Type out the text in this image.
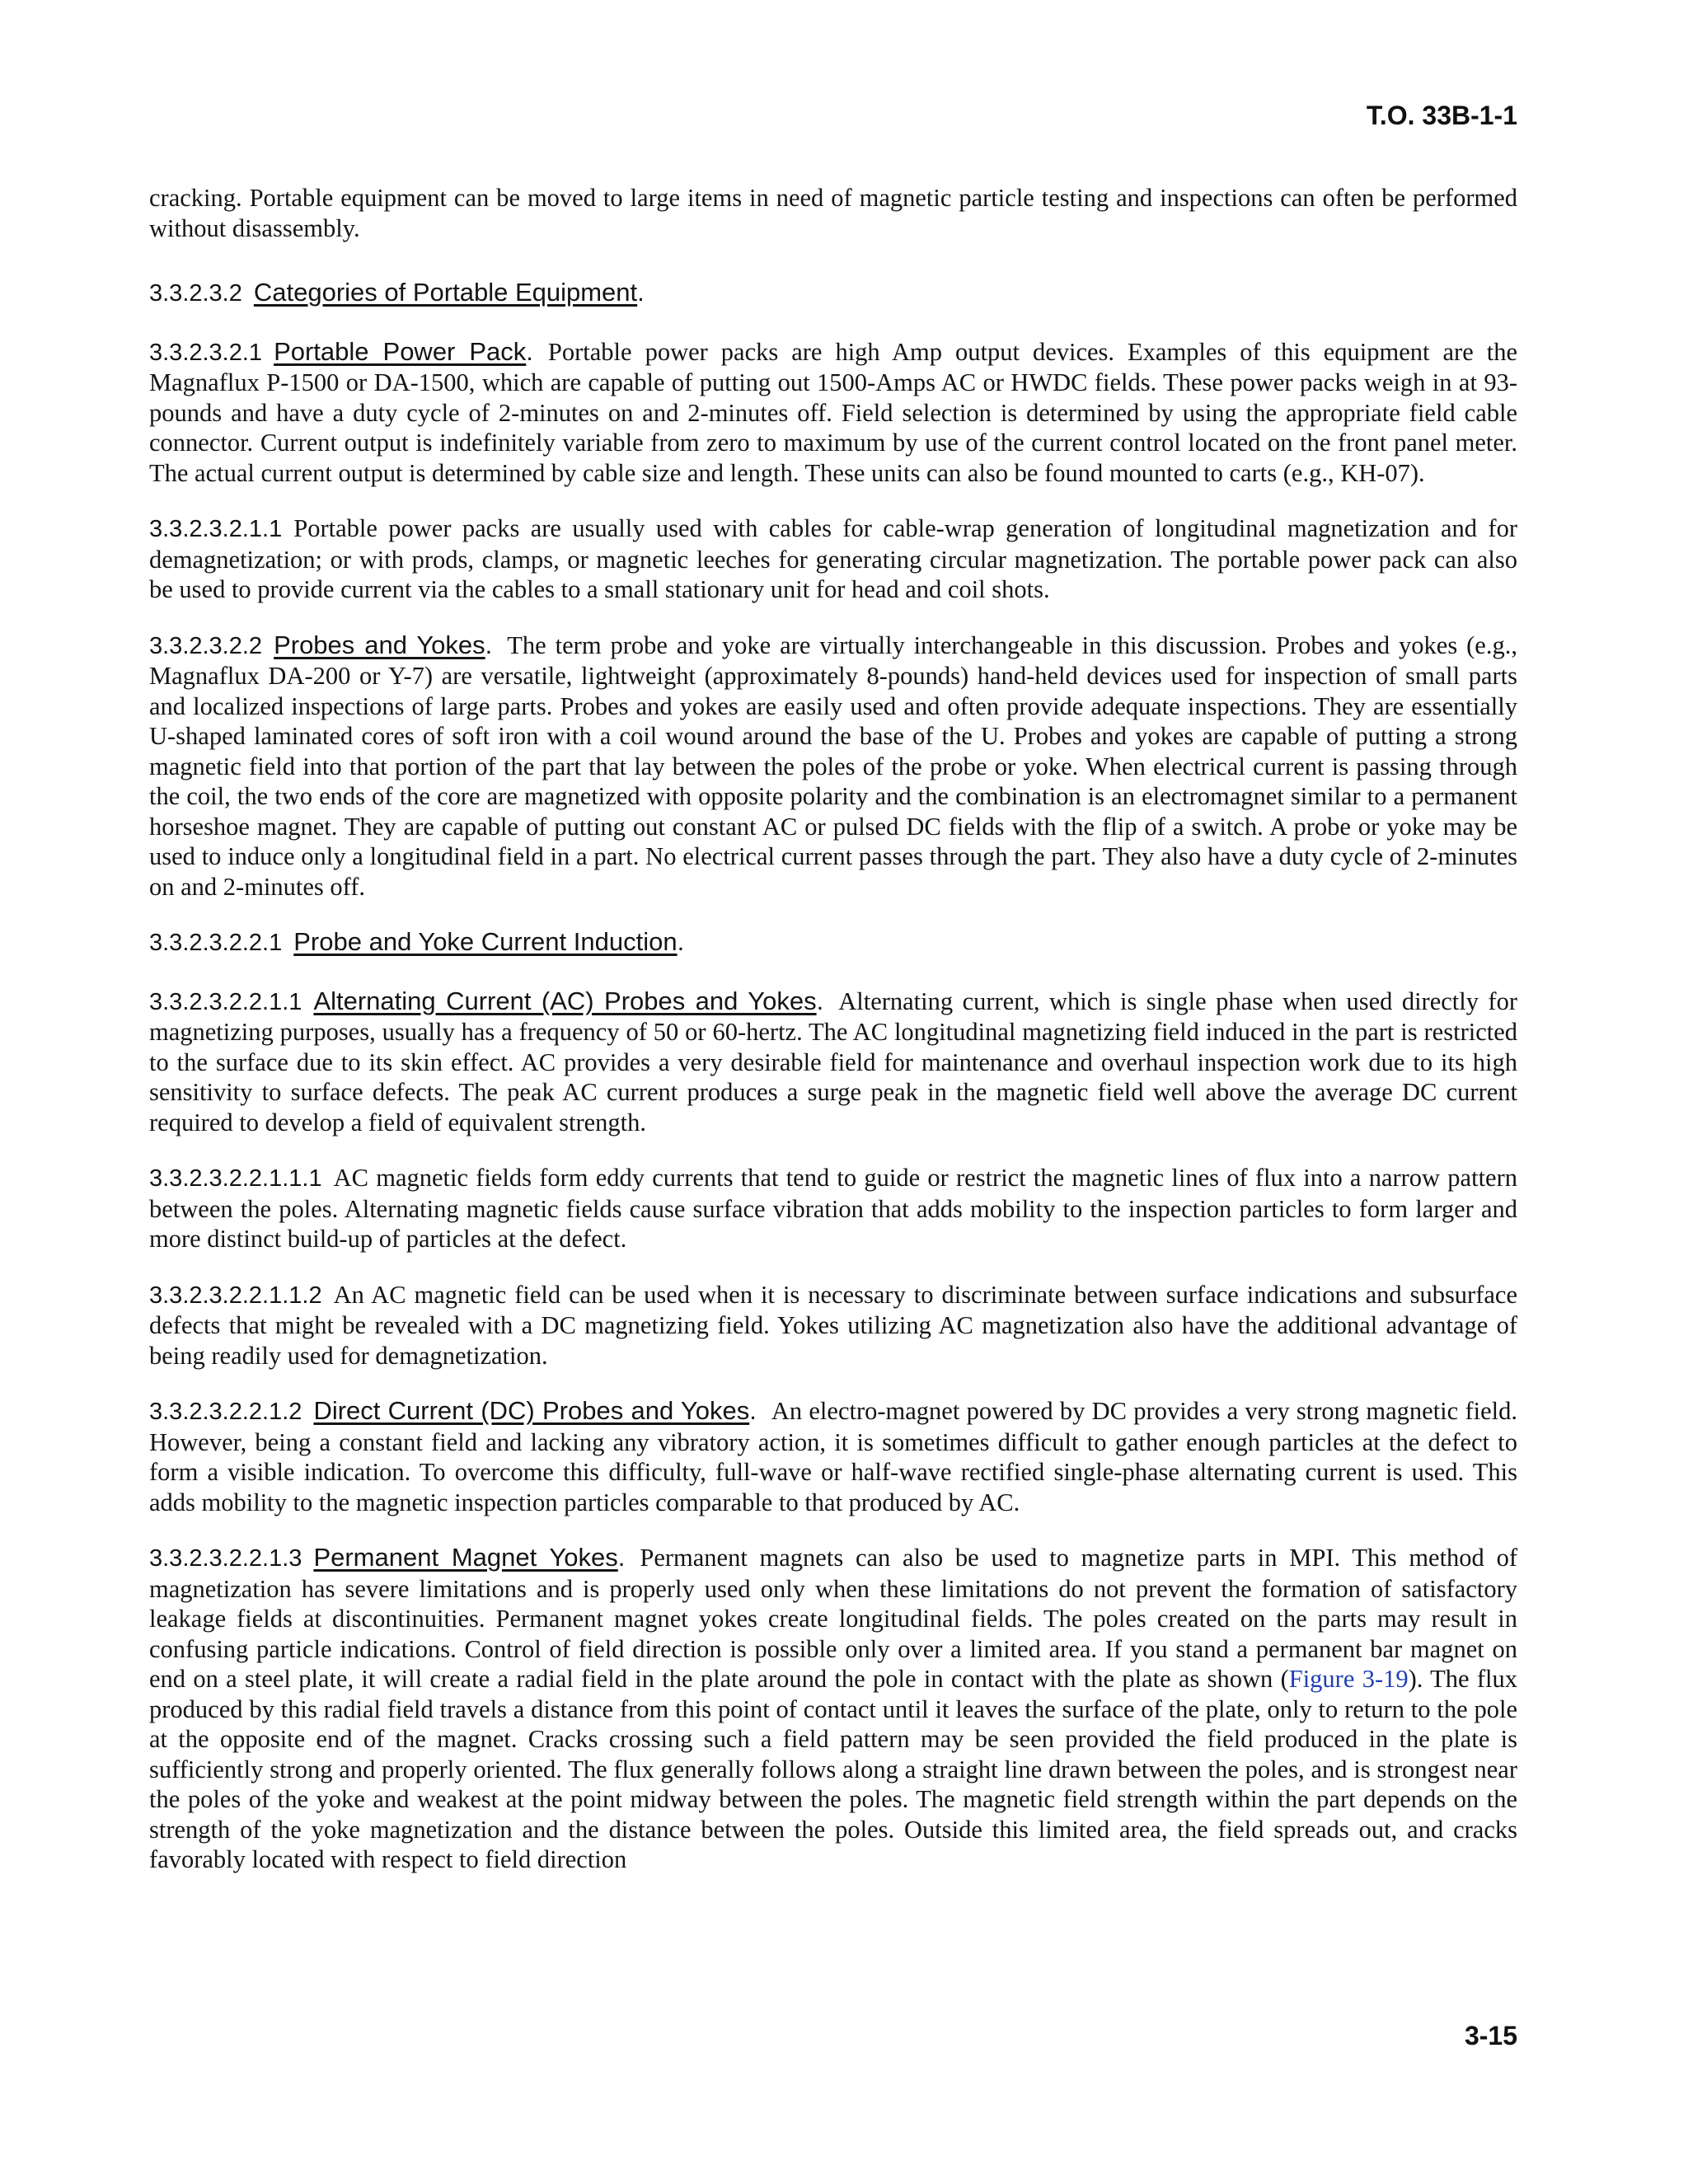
T.O. 33B-1-1

cracking. Portable equipment can be moved to large items in need of magnetic particle testing and inspections can often be performed without disassembly.

3.3.2.3.2 Categories of Portable Equipment.

3.3.2.3.2.1 Portable Power Pack. Portable power packs are high Amp output devices. Examples of this equipment are the Magnaflux P-1500 or DA-1500, which are capable of putting out 1500-Amps AC or HWDC fields. These power packs weigh in at 93-pounds and have a duty cycle of 2-minutes on and 2-minutes off. Field selection is determined by using the appropriate field cable connector. Current output is indefinitely variable from zero to maximum by use of the current control located on the front panel meter. The actual current output is determined by cable size and length. These units can also be found mounted to carts (e.g., KH-07).

3.3.2.3.2.1.1 Portable power packs are usually used with cables for cable-wrap generation of longitudinal magnetization and for demagnetization; or with prods, clamps, or magnetic leeches for generating circular magnetization. The portable power pack can also be used to provide current via the cables to a small stationary unit for head and coil shots.

3.3.2.3.2.2 Probes and Yokes. The term probe and yoke are virtually interchangeable in this discussion. Probes and yokes (e.g., Magnaflux DA-200 or Y-7) are versatile, lightweight (approximately 8-pounds) hand-held devices used for inspection of small parts and localized inspections of large parts. Probes and yokes are easily used and often provide adequate inspections. They are essentially U-shaped laminated cores of soft iron with a coil wound around the base of the U. Probes and yokes are capable of putting a strong magnetic field into that portion of the part that lay between the poles of the probe or yoke. When electrical current is passing through the coil, the two ends of the core are magnetized with opposite polarity and the combination is an electromagnet similar to a permanent horseshoe magnet. They are capable of putting out constant AC or pulsed DC fields with the flip of a switch. A probe or yoke may be used to induce only a longitudinal field in a part. No electrical current passes through the part. They also have a duty cycle of 2-minutes on and 2-minutes off.

3.3.2.3.2.2.1 Probe and Yoke Current Induction.

3.3.2.3.2.2.1.1 Alternating Current (AC) Probes and Yokes. Alternating current, which is single phase when used directly for magnetizing purposes, usually has a frequency of 50 or 60-hertz. The AC longitudinal magnetizing field induced in the part is restricted to the surface due to its skin effect. AC provides a very desirable field for maintenance and overhaul inspection work due to its high sensitivity to surface defects. The peak AC current produces a surge peak in the magnetic field well above the average DC current required to develop a field of equivalent strength.

3.3.2.3.2.2.1.1.1 AC magnetic fields form eddy currents that tend to guide or restrict the magnetic lines of flux into a narrow pattern between the poles. Alternating magnetic fields cause surface vibration that adds mobility to the inspection particles to form larger and more distinct build-up of particles at the defect.

3.3.2.3.2.2.1.1.2 An AC magnetic field can be used when it is necessary to discriminate between surface indications and subsurface defects that might be revealed with a DC magnetizing field. Yokes utilizing AC magnetization also have the additional advantage of being readily used for demagnetization.

3.3.2.3.2.2.1.2 Direct Current (DC) Probes and Yokes. An electro-magnet powered by DC provides a very strong magnetic field. However, being a constant field and lacking any vibratory action, it is sometimes difficult to gather enough particles at the defect to form a visible indication. To overcome this difficulty, full-wave or half-wave rectified single-phase alternating current is used. This adds mobility to the magnetic inspection particles comparable to that produced by AC.

3.3.2.3.2.2.1.3 Permanent Magnet Yokes. Permanent magnets can also be used to magnetize parts in MPI. This method of magnetization has severe limitations and is properly used only when these limitations do not prevent the formation of satisfactory leakage fields at discontinuities. Permanent magnet yokes create longitudinal fields. The poles created on the parts may result in confusing particle indications. Control of field direction is possible only over a limited area. If you stand a permanent bar magnet on end on a steel plate, it will create a radial field in the plate around the pole in contact with the plate as shown (Figure 3-19). The flux produced by this radial field travels a distance from this point of contact until it leaves the surface of the plate, only to return to the pole at the opposite end of the magnet. Cracks crossing such a field pattern may be seen provided the field produced in the plate is sufficiently strong and properly oriented. The flux generally follows along a straight line drawn between the poles, and is strongest near the poles of the yoke and weakest at the point midway between the poles. The magnetic field strength within the part depends on the strength of the yoke magnetization and the distance between the poles. Outside this limited area, the field spreads out, and cracks favorably located with respect to field direction

3-15
